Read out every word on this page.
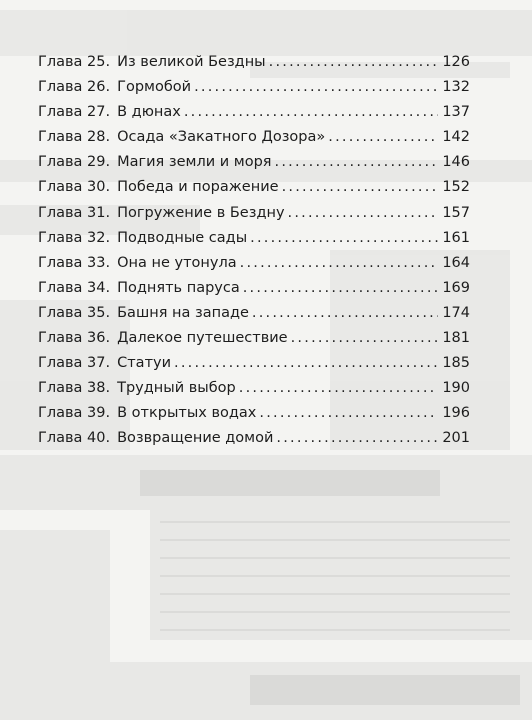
Глава 25. Из великой Бездны . . .	126
Глава 26. Гормобой . . .	132
Глава 27. В дюнах . . .	137
Глава 28. Осада «Закатного Дозора» . . .	142
Глава 29. Магия земли и моря . . .	146
Глава 30. Победа и поражение . . .	152
Глава 31. Погружение в Бездну . . .	157
Глава 32. Подводные сады . . .	161
Глава 33. Она не утонула . . .	164
Глава 34. Поднять паруса . . .	169
Глава 35. Башня на западе . . .	174
Глава 36. Далекое путешествие . . .	181
Глава 37. Статуи . . .	185
Глава 38. Трудный выбор . . .	190
Глава 39. В открытых водах . . .	196
Глава 40. Возвращение домой . . .	201
